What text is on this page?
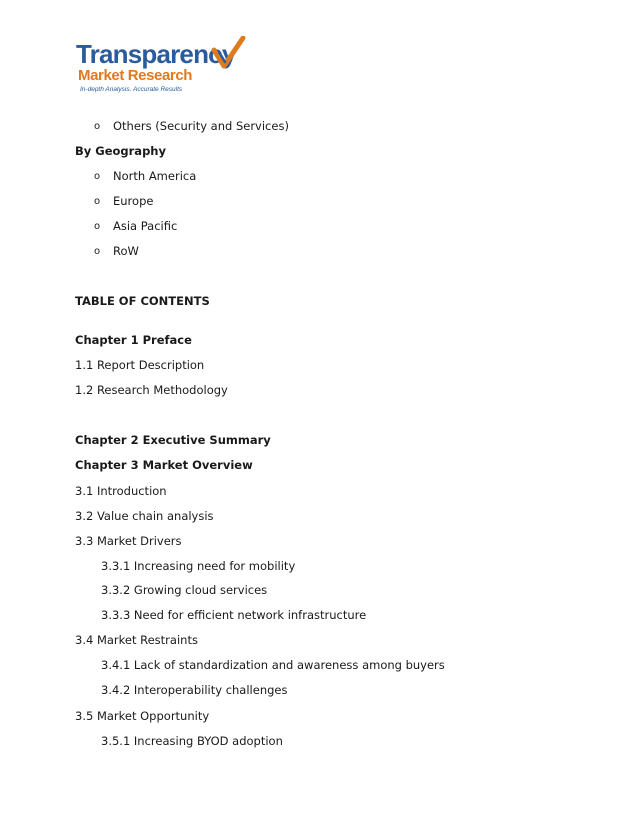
Transparency
Market Research
In-depth Analysis. Accurate Results
o Others (Security and Services)
By Geography
o North America
o Europe
o Asia Pacific
o RoW
TABLE OF CONTENTS
Chapter 1 Preface
1.1 Report Description
1.2 Research Methodology
Chapter 2 Executive Summary
Chapter 3 Market Overview
3.1 Introduction
3.2 Value chain analysis
3.3 Market Drivers
3.3.1 Increasing need for mobility
3.3.2 Growing cloud services
3.3.3 Need for efficient network infrastructure
3.4 Market Restraints
3.4.1 Lack of standardization and awareness among buyers
3.4.2 Interoperability challenges
3.5 Market Opportunity
3.5.1 Increasing BYOD adoption
